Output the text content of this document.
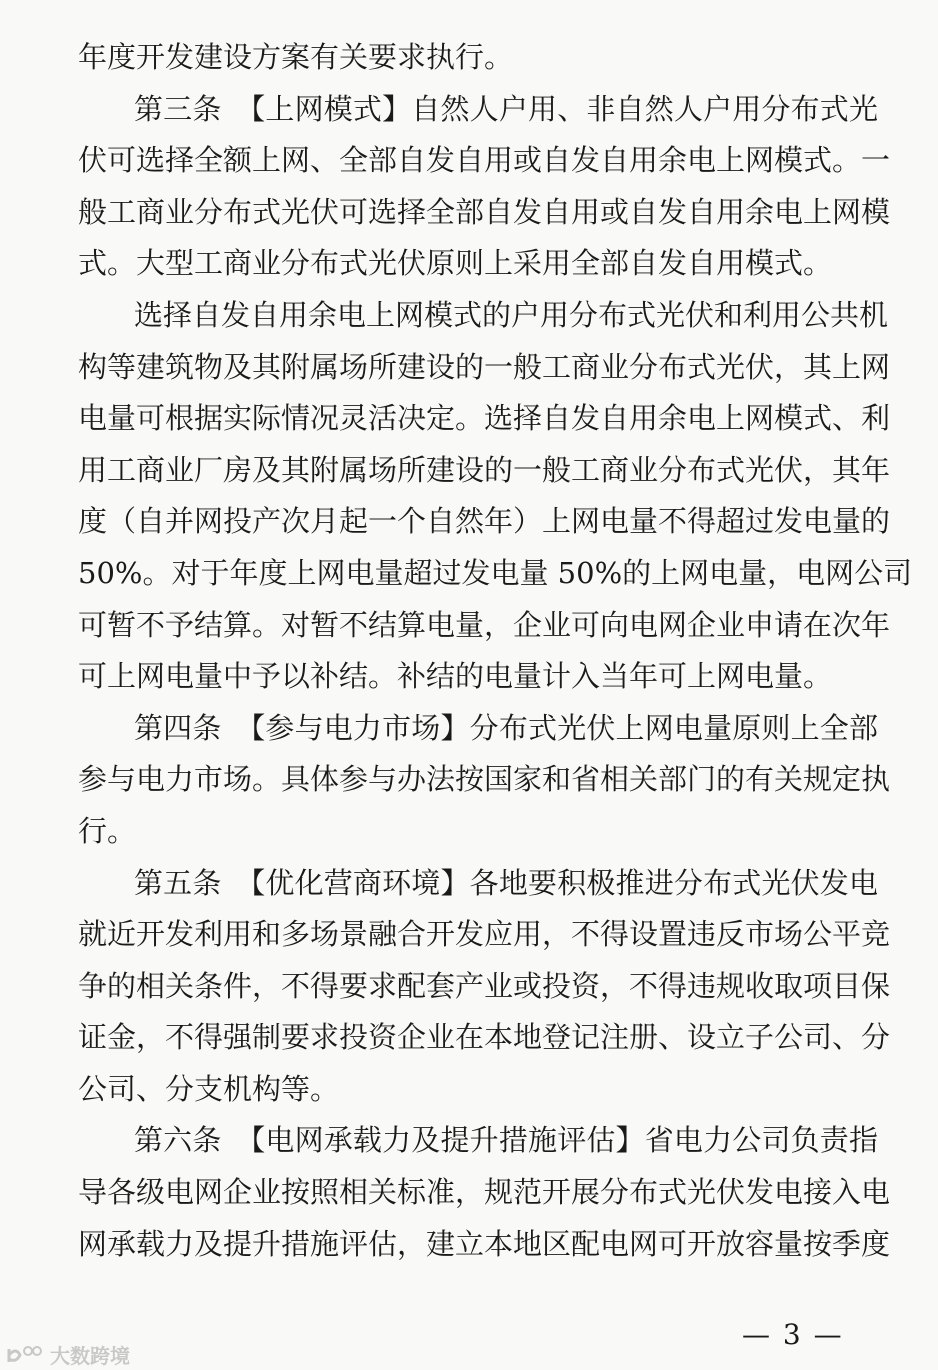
年度开发建设方案有关要求执行。
第三条　【上网模式】自然人户用、非自然人户用分布式光
伏可选择全额上网、全部自发自用或自发自用余电上网模式。一
般工商业分布式光伏可选择全部自发自用或自发自用余电上网模
式。大型工商业分布式光伏原则上采用全部自发自用模式。
选择自发自用余电上网模式的户用分布式光伏和利用公共机
构等建筑物及其附属场所建设的一般工商业分布式光伏，其上网
电量可根据实际情况灵活决定。选择自发自用余电上网模式、利
用工商业厂房及其附属场所建设的一般工商业分布式光伏，其年
度（自并网投产次月起一个自然年）上网电量不得超过发电量的
50%。对于年度上网电量超过发电量 50%的上网电量，电网公司
可暂不予结算。对暂不结算电量，企业可向电网企业申请在次年
可上网电量中予以补结。补结的电量计入当年可上网电量。
第四条　【参与电力市场】分布式光伏上网电量原则上全部
参与电力市场。具体参与办法按国家和省相关部门的有关规定执
行。
第五条　【优化营商环境】各地要积极推进分布式光伏发电
就近开发利用和多场景融合开发应用，不得设置违反市场公平竞
争的相关条件，不得要求配套产业或投资，不得违规收取项目保
证金，不得强制要求投资企业在本地登记注册、设立子公司、分
公司、分支机构等。
第六条　【电网承载力及提升措施评估】省电力公司负责指
导各级电网企业按照相关标准，规范开展分布式光伏发电接入电
网承载力及提升措施评估，建立本地区配电网可开放容量按季度
— 3 —
大数跨境
